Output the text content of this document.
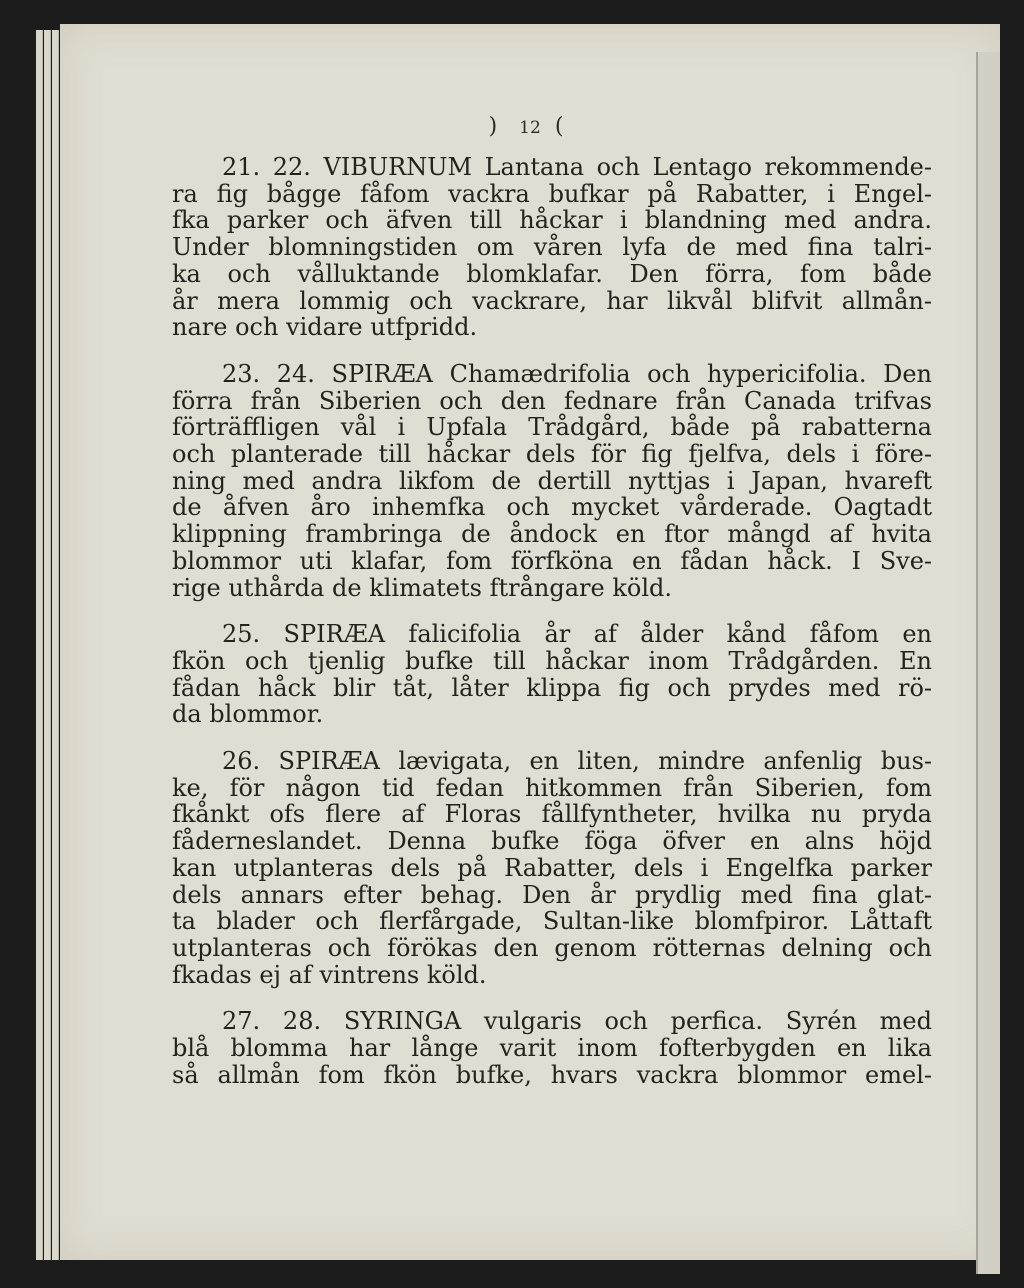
) 12 (
21. 22. VIBURNUM Lantana och Lentago rekommende-
ra fig bågge fåfom vackra bufkar på Rabatter, i Engel-
fka parker och äfven till håckar i blandning med andra.
Under blomningstiden om våren lyfa de med fina talri-
ka och vålluktande blomklafar. Den förra, fom både
år mera lommig och vackrare, har likvål blifvit allmån-
nare och vidare utfpridd.
23. 24. SPIRÆA Chamædrifolia och hypericifolia. Den
förra från Siberien och den fednare från Canada trifvas
förträffligen vål i Upfala Trådgård, både på rabatterna
och planterade till håckar dels för fig fjelfva, dels i före-
ning med andra likfom de dertill nyttjas i Japan, hvareft
de åfven åro inhemfka och mycket vårderade. Oagtadt
klippning frambringa de åndock en ftor mångd af hvita
blommor uti klafar, fom förfköna en fådan håck. I Sve-
rige uthårda de klimatets ftrångare köld.
25. SPIRÆA falicifolia år af ålder kånd fåfom en
fkön och tjenlig bufke till håckar inom Trådgården. En
fådan håck blir tåt, låter klippa fig och prydes med rö-
da blommor.
26. SPIRÆA lævigata, en liten, mindre anfenlig bus-
ke, för någon tid fedan hitkommen från Siberien, fom
fkånkt ofs flere af Floras fållfyntheter, hvilka nu pryda
fåderneslandet. Denna bufke föga öfver en alns höjd
kan utplanteras dels på Rabatter, dels i Engelfka parker
dels annars efter behag. Den år prydlig med fina glat-
ta blader och flerfårgade, Sultan-like blomfpiror. Låttaft
utplanteras och förökas den genom rötternas delning och
fkadas ej af vintrens köld.
27. 28. SYRINGA vulgaris och perfica. Syrén med
blå blomma har långe varit inom fofterbygden en lika
så allmån fom fkön bufke, hvars vackra blommor emel-
